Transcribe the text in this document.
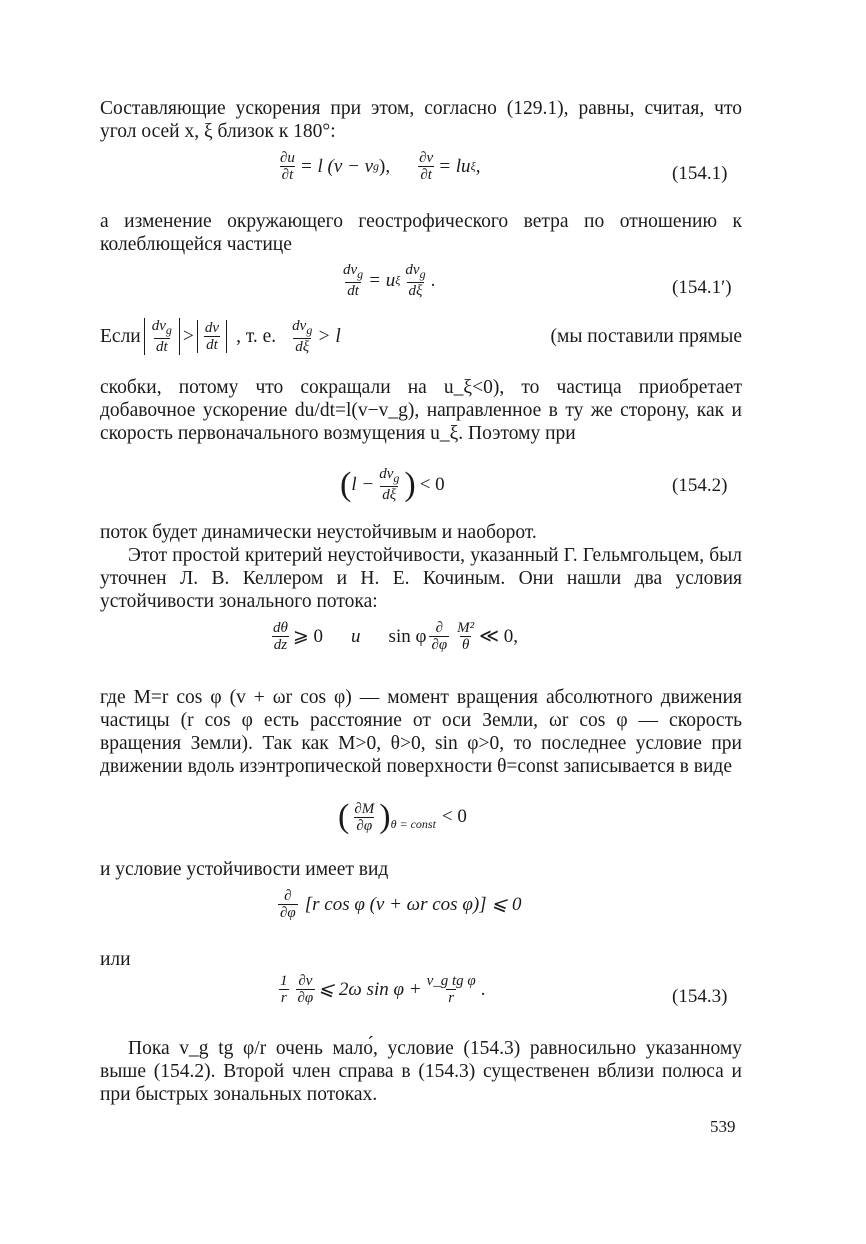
Составляющие ускорения при этом, согласно (129.1), равны, считая, что угол осей x, ξ близок к 180°:

$\frac{\partial u}{\partial t} = l$ (v − v g ), $\frac{\partial v}{\partial t}$ = lu ξ ,	(154.1)

а изменение окружающего геострофического ветра по отношению к колеблющейся частице

$\frac{dv_g}{dt} = u$ ξ $\frac{dv_g}{d\xi}$ .	(154.1′)
Если $\frac{dv_g}{dt} > \frac{dv}{dt}$ , т. е. $\frac{dv_g}{d\xi} > l$	(мы поставили прямые

скобки, потому что сокращали на u_ξ<0), то частица приобретает добавочное ускорение du/dt=l(v−v_g), направленное в ту же сторону, как и скорость первоначального возмущения u_ξ. Поэтому при

( $l - \frac{dv_g}{d\xi}$ ) < 0	(154.2)

поток будет динамически неустойчивым и наоборот.

Этот простой критерий неустойчивости, указанный Г. Гельмгольцем, был уточнен Л. В. Келлером и Н. Е. Кочиным. Они нашли два условия устойчивости зонального потока:

$\frac{d\theta}{dz}$ ⩾ 0 и sin φ $\frac{\partial}{\partial\varphi} \frac{\text{M²}}{\theta}$ ≪ 0,

где M=r cos φ (v + ωr cos φ) — момент вращения абсолютного движения частицы (r cos φ есть расстояние от оси Земли, ωr cos φ — скорость вращения Земли). Так как M>0, θ>0, sin φ>0, то последнее условие при движении вдоль изэнтропической поверхности θ=const записывается в виде

( $\frac{\partial M}{\partial\varphi}$ ) θ = const < 0

и условие устойчивости имеет вид

$\frac{\partial}{\partial\varphi} [r$ cos φ (v + ωr cos φ)] ⩽ 0

или

$\frac{1}{r} \frac{\partial v}{\partial\varphi}$ ⩽ 2ω $\sin \varphi + \frac{\text{v\_g tg φ}}{r}$ .	(154.3)

Пока v_g tg φ/r очень мало́, условие (154.3) равносильно указанному выше (154.2). Второй член справа в (154.3) существенен вблизи полюса и при быстрых зональных потоках.

539
